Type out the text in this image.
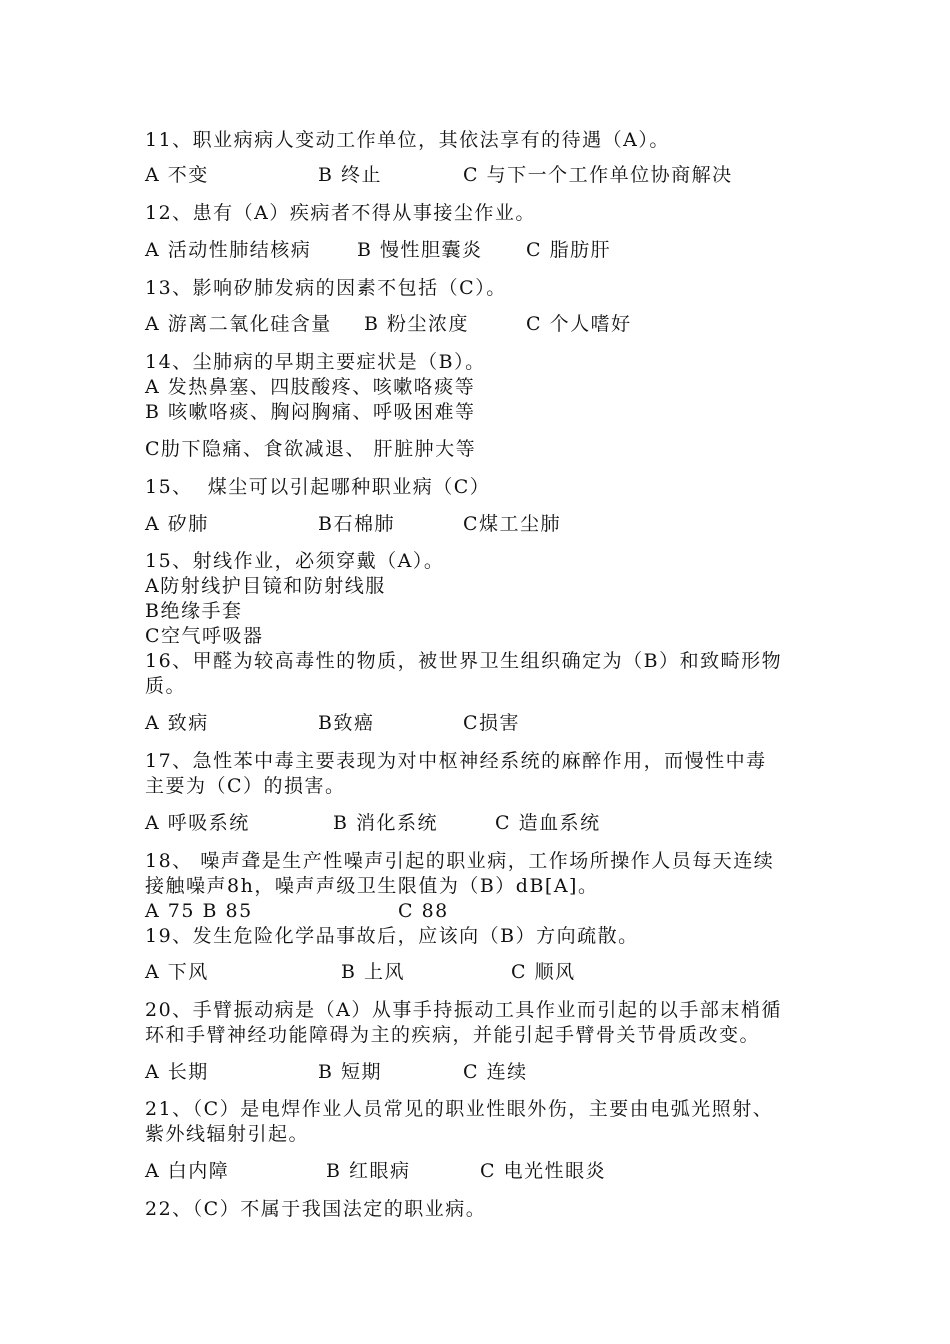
11、职业病病人变动工作单位，其依法享有的待遇（A）。
A 不变	B 终止	C 与下一个工作单位协商解决
12、患有（A）疾病者不得从事接尘作业。
A 活动性肺结核病 B 慢性胆囊炎 C 脂肪肝
13、影响矽肺发病的因素不包括（C）。
A 游离二氧化硅含量 B 粉尘浓度	C 个人嗜好
14、尘肺病的早期主要症状是（B）。
A 发热鼻塞、四肢酸疼、咳嗽咯痰等
B 咳嗽咯痰、胸闷胸痛、呼吸困难等
C肋下隐痛、食欲减退、 肝脏肿大等
15、  煤尘可以引起哪种职业病（C）
A 矽肺	B石棉肺	C煤工尘肺
15、射线作业，必须穿戴（A）。
A防射线护目镜和防射线服
B绝缘手套
C空气呼吸器
16、甲醛为较高毒性的物质，被世界卫生组织确定为（B）和致畸形物
质。
A 致病	B致癌	C损害
17、急性苯中毒主要表现为对中枢神经系统的麻醉作用，而慢性中毒
主要为（C）的损害。
A 呼吸系统	B 消化系统	C 造血系统
18、 噪声聋是生产性噪声引起的职业病，工作场所操作人员每天连续
接触噪声8h，噪声声级卫生限值为（B）dB[A]。
A 75 B 85	C 88
19、发生危险化学品事故后，应该向（B）方向疏散。
A 下风	B 上风	C 顺风
20、手臂振动病是（A）从事手持振动工具作业而引起的以手部末梢循
环和手臂神经功能障碍为主的疾病，并能引起手臂骨关节骨质改变。
A 长期	B 短期	C 连续
21、（C）是电焊作业人员常见的职业性眼外伤，主要由电弧光照射、
紫外线辐射引起。
A 白内障	B 红眼病	C 电光性眼炎
22、（C）不属于我国法定的职业病。
